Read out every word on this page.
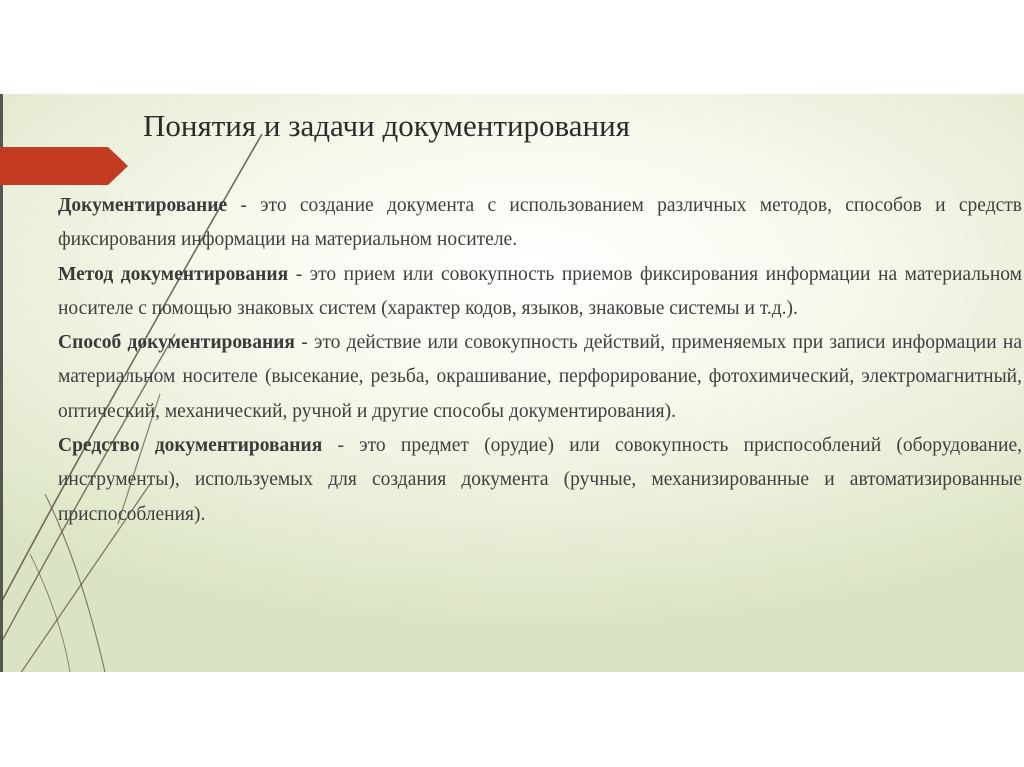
Понятия и задачи документирования

Документирование - это создание документа с использованием различных методов, способов и средств фиксирования информации на материальном носителе.

Метод документирования - это прием или совокупность приемов фиксирования информации на материальном носителе с помощью знаковых систем (характер кодов, языков, знаковые системы и т.д.).

Способ документирования - это действие или совокупность действий, применяемых при записи информации на материальном носителе (высекание, резьба, окрашивание, перфорирование, фотохимический, электромагнитный, оптический, механический, ручной и другие способы документирования).

Средство документирования - это предмет (орудие) или совокупность приспособлений (оборудование, инструменты), используемых для создания документа (ручные, механизированные и автоматизированные приспособления).
